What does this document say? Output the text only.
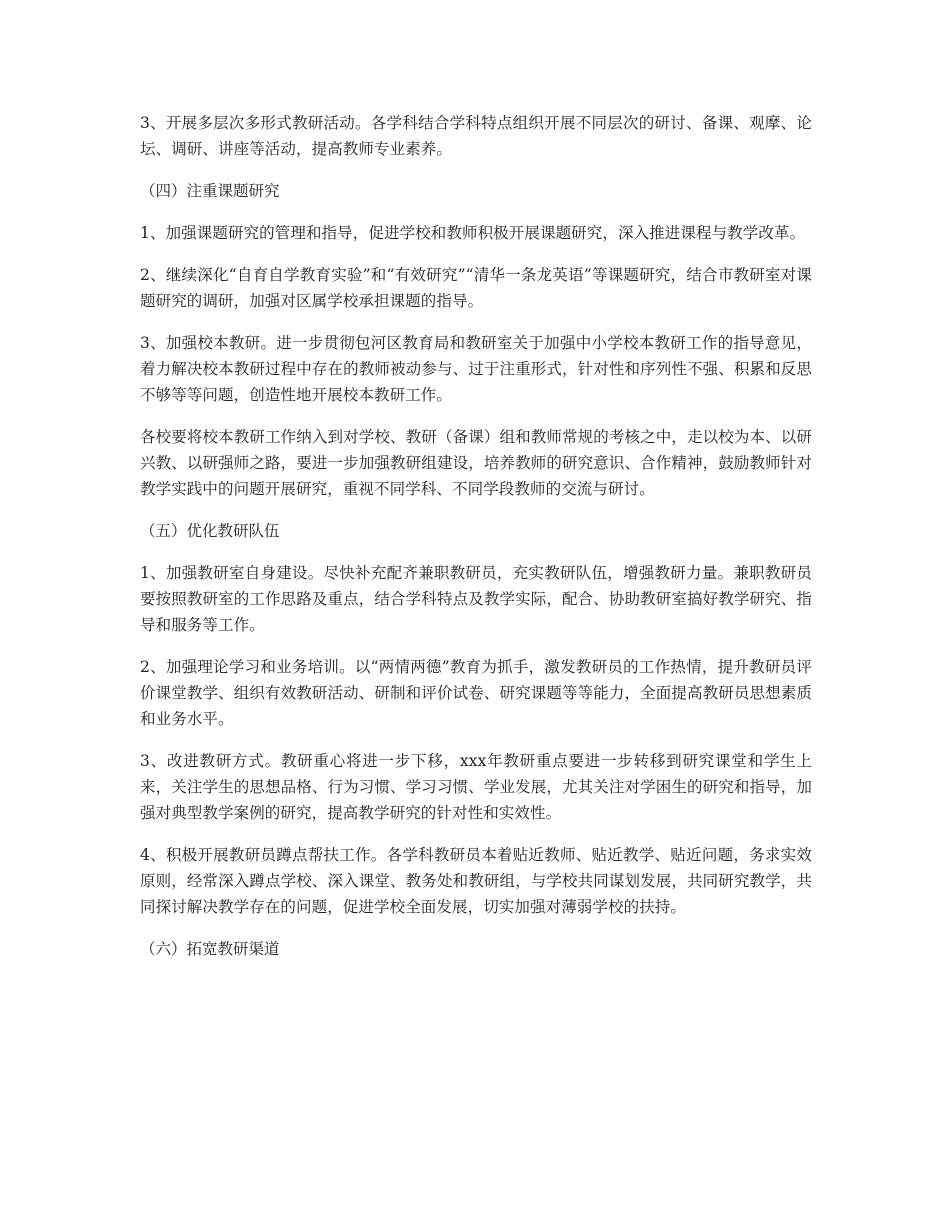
3、开展多层次多形式教研活动。各学科结合学科特点组织开展不同层次的研讨、备课、观摩、论坛、调研、讲座等活动，提高教师专业素养。

（四）注重课题研究

1、加强课题研究的管理和指导，促进学校和教师积极开展课题研究，深入推进课程与教学改革。

2、继续深化“自育自学教育实验”和“有效研究”“清华一条龙英语”等课题研究，结合市教研室对课题研究的调研，加强对区属学校承担课题的指导。

3、加强校本教研。进一步贯彻包河区教育局和教研室关于加强中小学校本教研工作的指导意见，着力解决校本教研过程中存在的教师被动参与、过于注重形式，针对性和序列性不强、积累和反思不够等等问题，创造性地开展校本教研工作。

各校要将校本教研工作纳入到对学校、教研（备课）组和教师常规的考核之中，走以校为本、以研兴教、以研强师之路，要进一步加强教研组建设，培养教师的研究意识、合作精神，鼓励教师针对教学实践中的问题开展研究，重视不同学科、不同学段教师的交流与研讨。

（五）优化教研队伍

1、加强教研室自身建设。尽快补充配齐兼职教研员，充实教研队伍，增强教研力量。兼职教研员要按照教研室的工作思路及重点，结合学科特点及教学实际，配合、协助教研室搞好教学研究、指导和服务等工作。

2、加强理论学习和业务培训。以“两情两德”教育为抓手，激发教研员的工作热情，提升教研员评价课堂教学、组织有效教研活动、研制和评价试卷、研究课题等等能力，全面提高教研员思想素质和业务水平。

3、改进教研方式。教研重心将进一步下移，xxx年教研重点要进一步转移到研究课堂和学生上来，关注学生的思想品格、行为习惯、学习习惯、学业发展，尤其关注对学困生的研究和指导，加强对典型教学案例的研究，提高教学研究的针对性和实效性。

4、积极开展教研员蹲点帮扶工作。各学科教研员本着贴近教师、贴近教学、贴近问题，务求实效原则，经常深入蹲点学校、深入课堂、教务处和教研组，与学校共同谋划发展，共同研究教学，共同探讨解决教学存在的问题，促进学校全面发展，切实加强对薄弱学校的扶持。

（六）拓宽教研渠道
